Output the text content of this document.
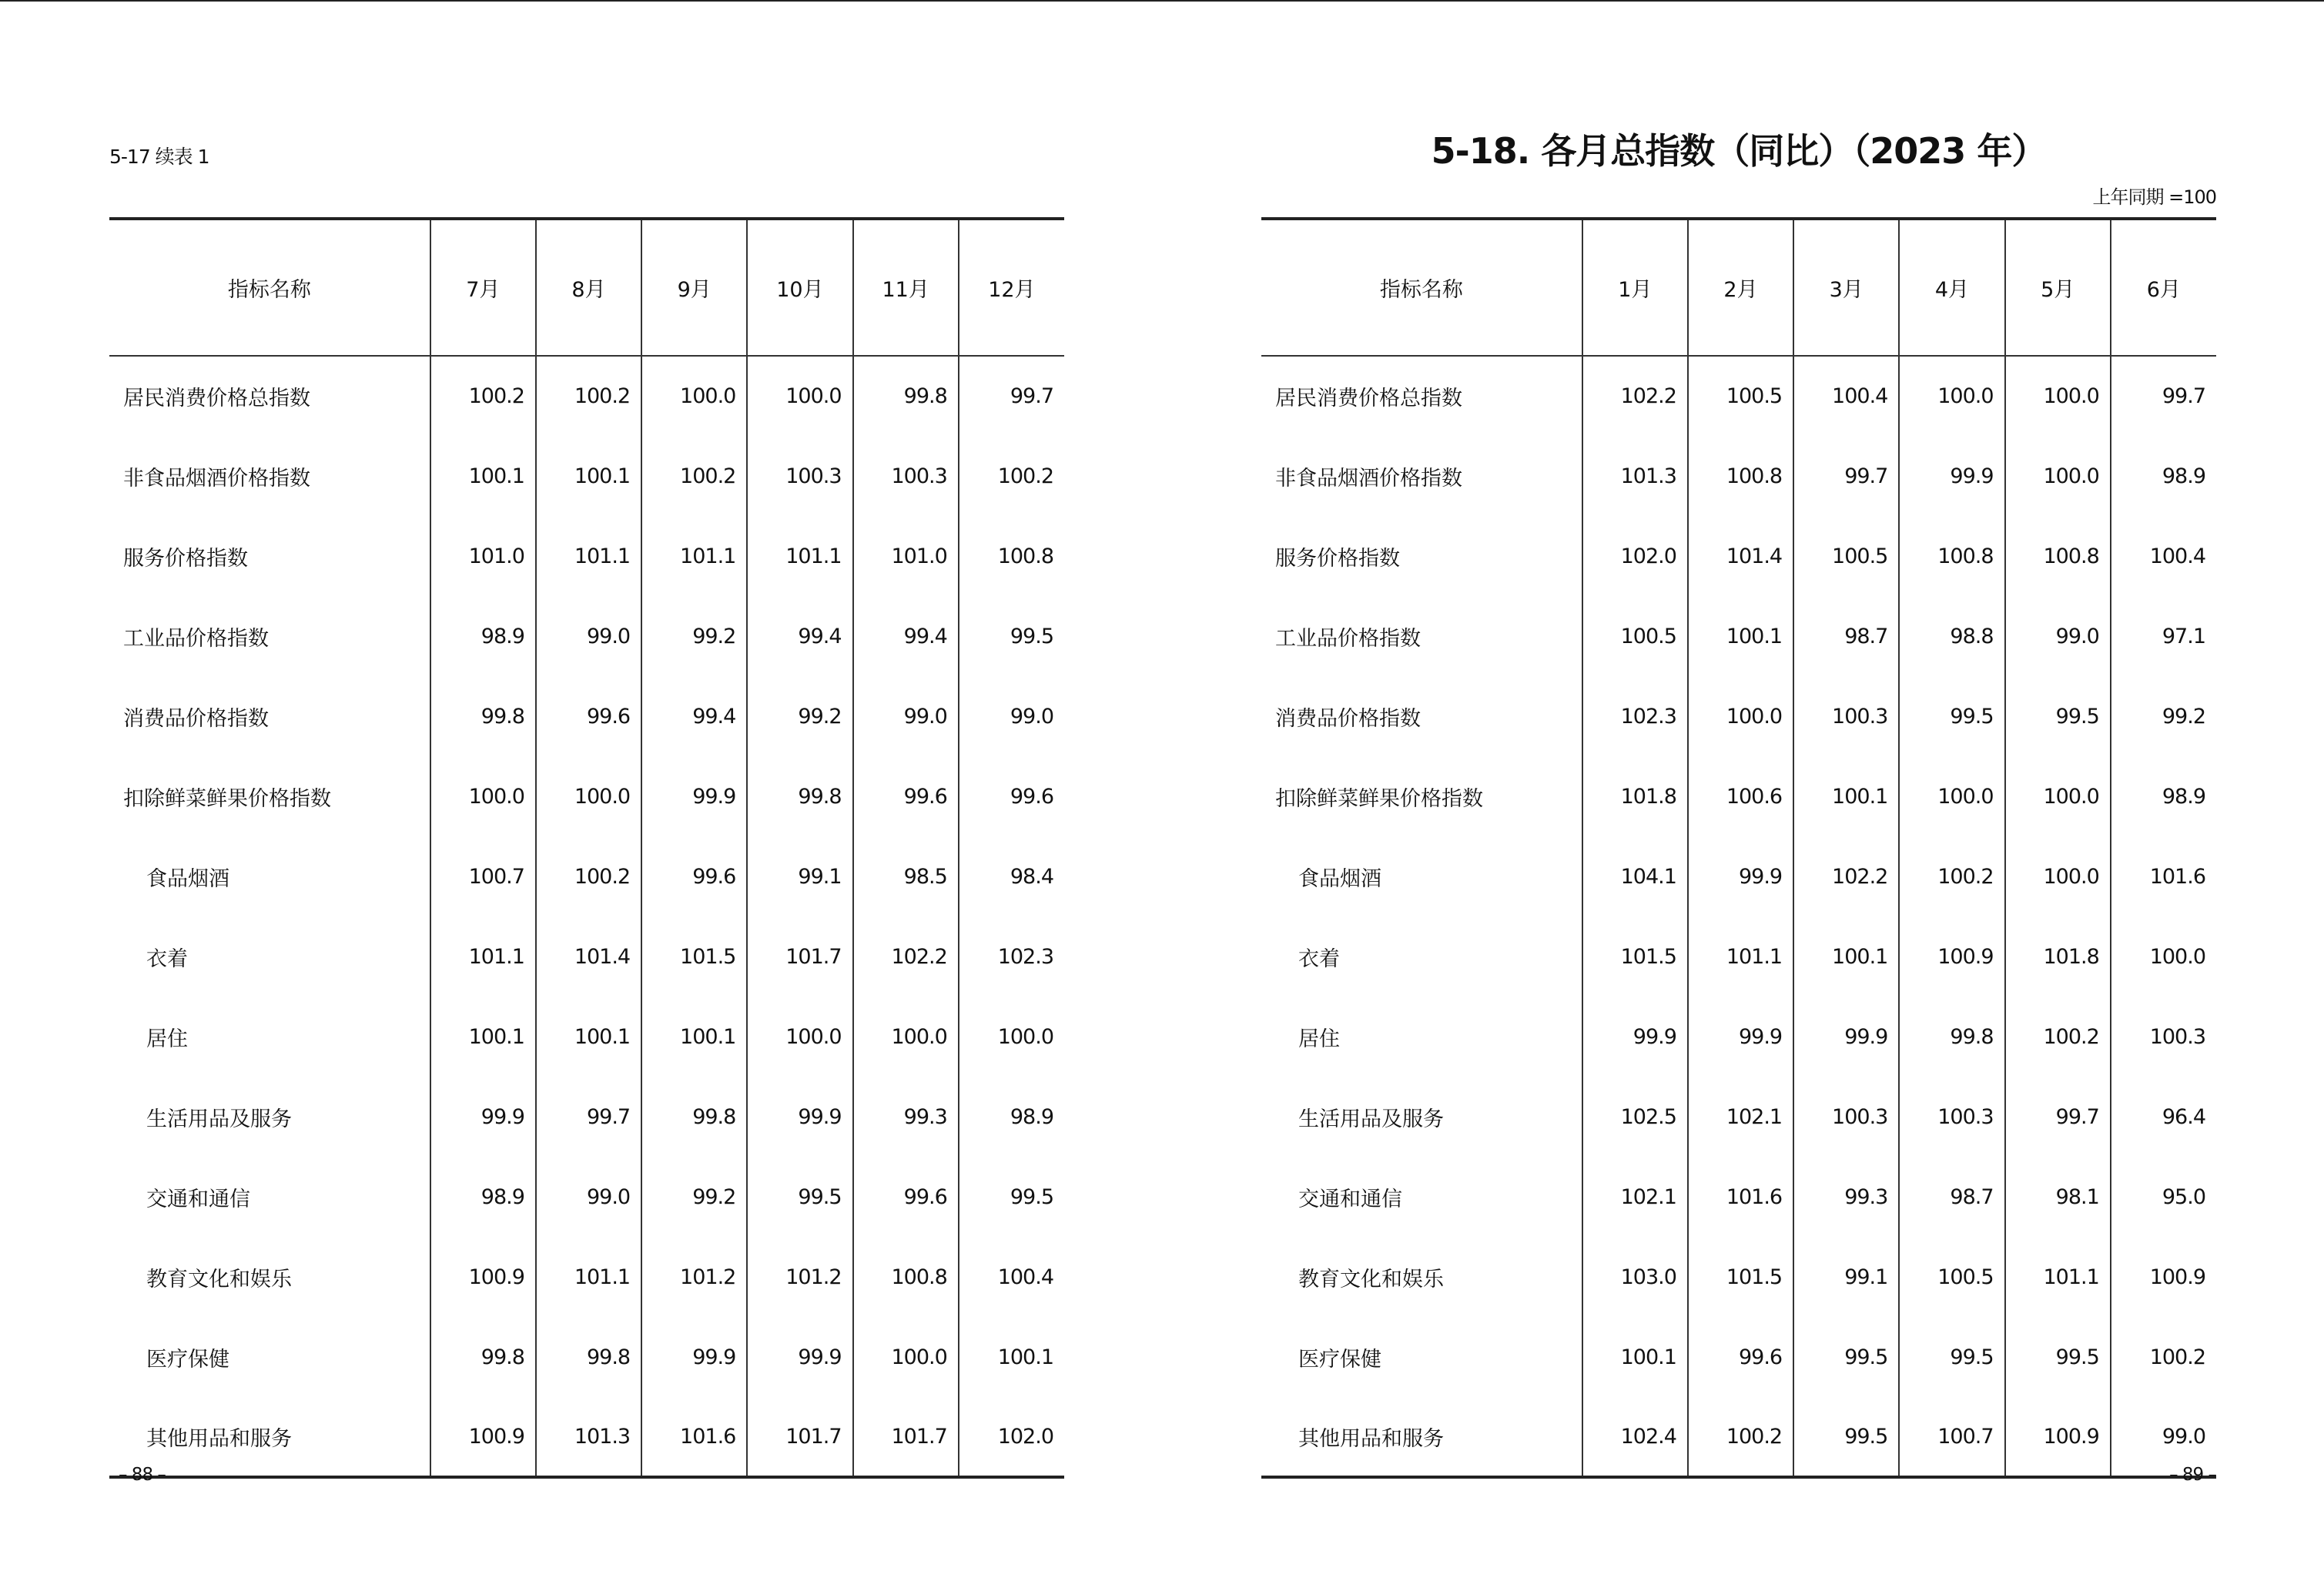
5-17 续表 1
指标名称	7月	8月	9月	10月	11月	12月
居民消费价格总指数	100.2	100.2	100.0	100.0	99.8	99.7
非食品烟酒价格指数	100.1	100.1	100.2	100.3	100.3	100.2
服务价格指数	101.0	101.1	101.1	101.1	101.0	100.8
工业品价格指数	98.9	99.0	99.2	99.4	99.4	99.5
消费品价格指数	99.8	99.6	99.4	99.2	99.0	99.0
扣除鲜菜鲜果价格指数	100.0	100.0	99.9	99.8	99.6	99.6
食品烟酒	100.7	100.2	99.6	99.1	98.5	98.4
衣着	101.1	101.4	101.5	101.7	102.2	102.3
居住	100.1	100.1	100.1	100.0	100.0	100.0
生活用品及服务	99.9	99.7	99.8	99.9	99.3	98.9
交通和通信	98.9	99.0	99.2	99.5	99.6	99.5
教育文化和娱乐	100.9	101.1	101.2	101.2	100.8	100.4
医疗保健	99.8	99.8	99.9	99.9	100.0	100.1
其他用品和服务	100.9	101.3	101.6	101.7	101.7	102.0
– 88 –
5-18. 各月总指数（同比）（2023 年）
上年同期 =100
指标名称	1月	2月	3月	4月	5月	6月
居民消费价格总指数	102.2	100.5	100.4	100.0	100.0	99.7
非食品烟酒价格指数	101.3	100.8	99.7	99.9	100.0	98.9
服务价格指数	102.0	101.4	100.5	100.8	100.8	100.4
工业品价格指数	100.5	100.1	98.7	98.8	99.0	97.1
消费品价格指数	102.3	100.0	100.3	99.5	99.5	99.2
扣除鲜菜鲜果价格指数	101.8	100.6	100.1	100.0	100.0	98.9
食品烟酒	104.1	99.9	102.2	100.2	100.0	101.6
衣着	101.5	101.1	100.1	100.9	101.8	100.0
居住	99.9	99.9	99.9	99.8	100.2	100.3
生活用品及服务	102.5	102.1	100.3	100.3	99.7	96.4
交通和通信	102.1	101.6	99.3	98.7	98.1	95.0
教育文化和娱乐	103.0	101.5	99.1	100.5	101.1	100.9
医疗保健	100.1	99.6	99.5	99.5	99.5	100.2
其他用品和服务	102.4	100.2	99.5	100.7	100.9	99.0
– 89 –
